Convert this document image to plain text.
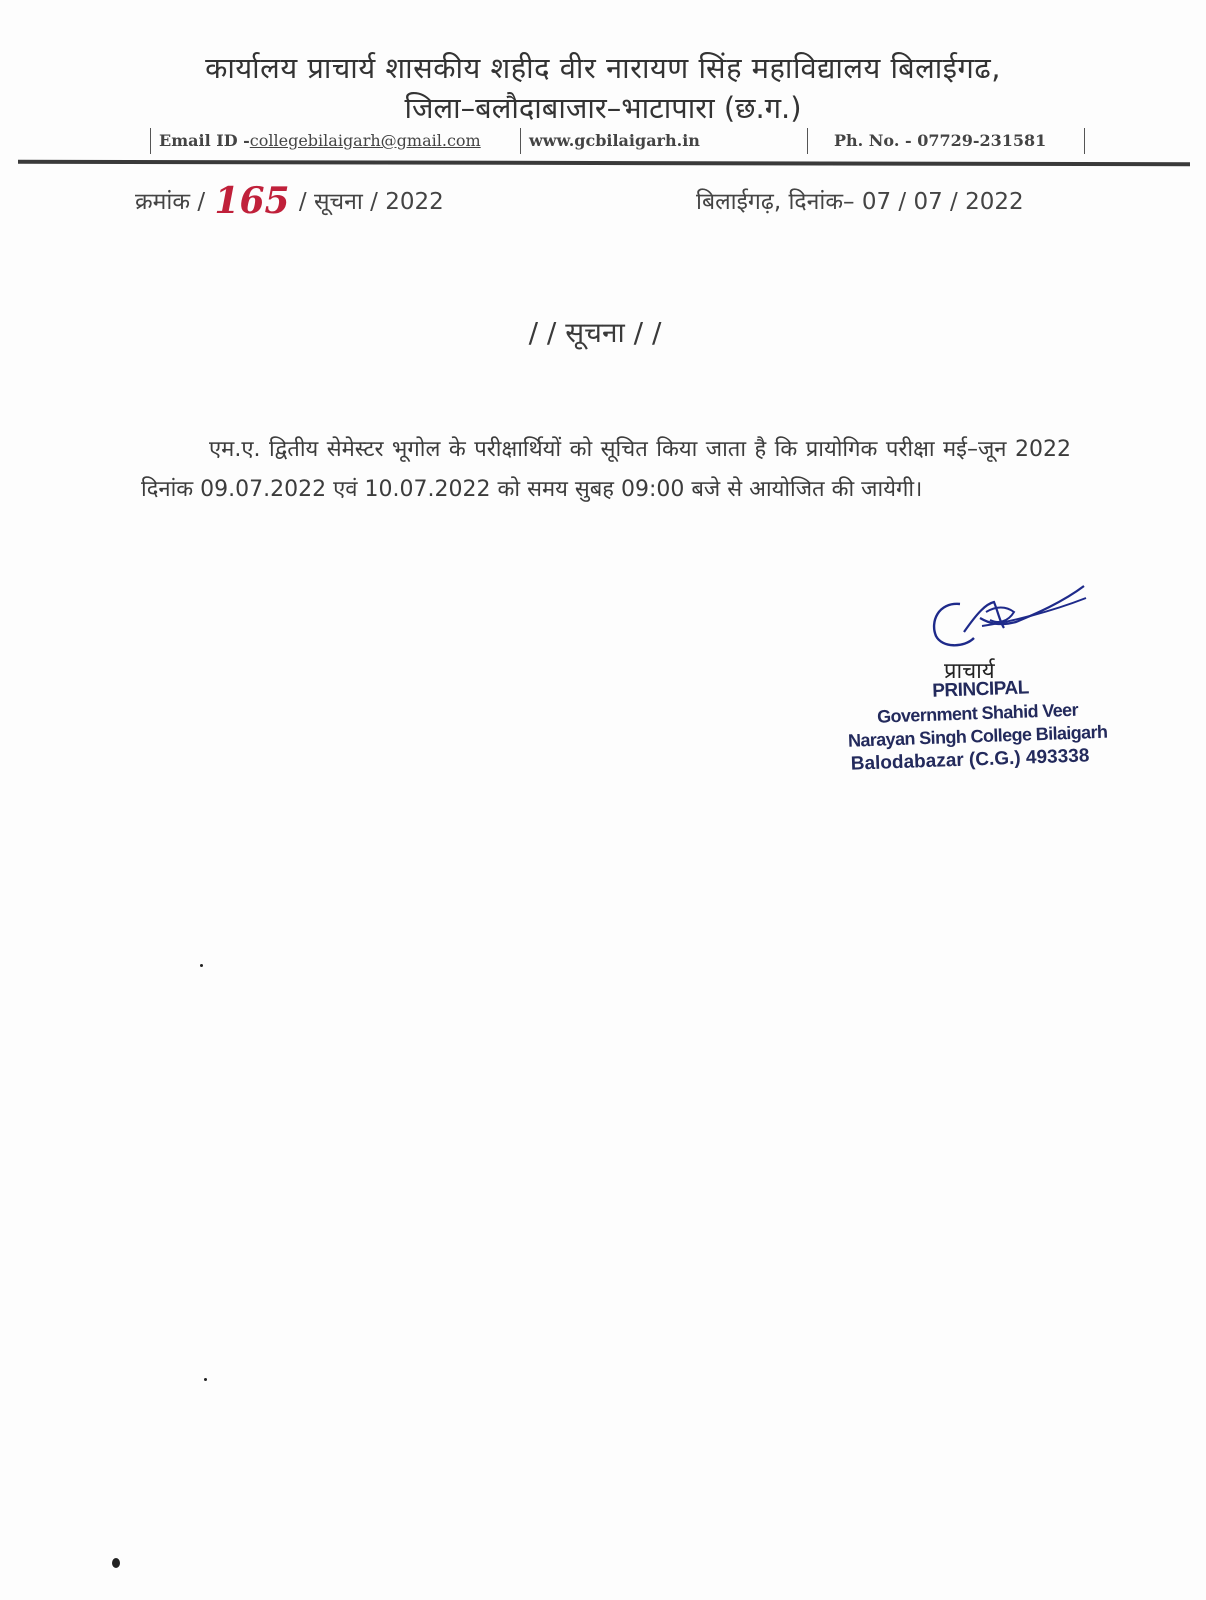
कार्यालय प्राचार्य शासकीय शहीद वीर नारायण सिंह महाविद्यालय बिलाईगढ,
जिला–बलौदाबाजार–भाटापारा (छ.ग.)
Email ID -collegebilaigarh@gmail.com	www.gcbilaigarh.in	Ph. No. - 07729-231581
क्रमांक / 165 / सूचना / 2022	बिलाईगढ़, दिनांक– 07 / 07 / 2022
/ / सूचना / /
एम.ए. द्वितीय सेमेस्टर भूगोल के परीक्षार्थियों को सूचित किया जाता है कि प्रायोगिक परीक्षा मई–जून 2022 दिनांक 09.07.2022 एवं 10.07.2022 को समय सुबह 09:00 बजे से आयोजित की जायेगी।
प्राचार्य
PRINCIPAL
Government Shahid Veer
Narayan Singh College Bilaigarh
Balodabazar (C.G.) 493338
